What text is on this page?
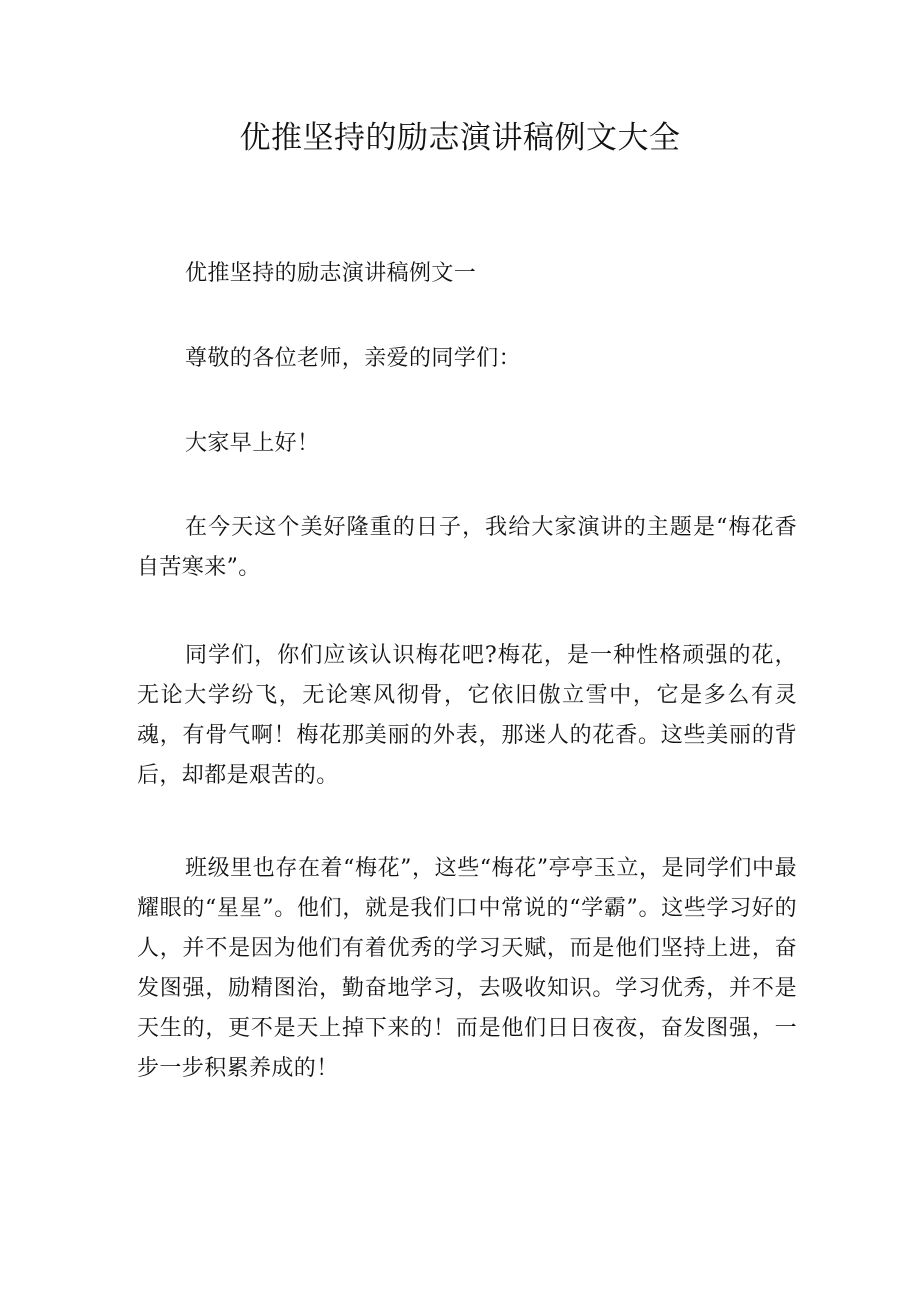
优推坚持的励志演讲稿例文大全

优推坚持的励志演讲稿例文一

尊敬的各位老师，亲爱的同学们：

大家早上好！

在今天这个美好隆重的日子，我给大家演讲的主题是“梅花香自苦寒来”。

同学们，你们应该认识梅花吧?梅花，是一种性格顽强的花，无论大学纷飞，无论寒风彻骨，它依旧傲立雪中，它是多么有灵魂，有骨气啊！梅花那美丽的外表，那迷人的花香。这些美丽的背后，却都是艰苦的。

班级里也存在着“梅花”，这些“梅花”亭亭玉立，是同学们中最耀眼的“星星”。他们，就是我们口中常说的“学霸”。这些学习好的人，并不是因为他们有着优秀的学习天赋，而是他们坚持上进，奋发图强，励精图治，勤奋地学习，去吸收知识。学习优秀，并不是天生的，更不是天上掉下来的！而是他们日日夜夜，奋发图强，一步一步积累养成的！
